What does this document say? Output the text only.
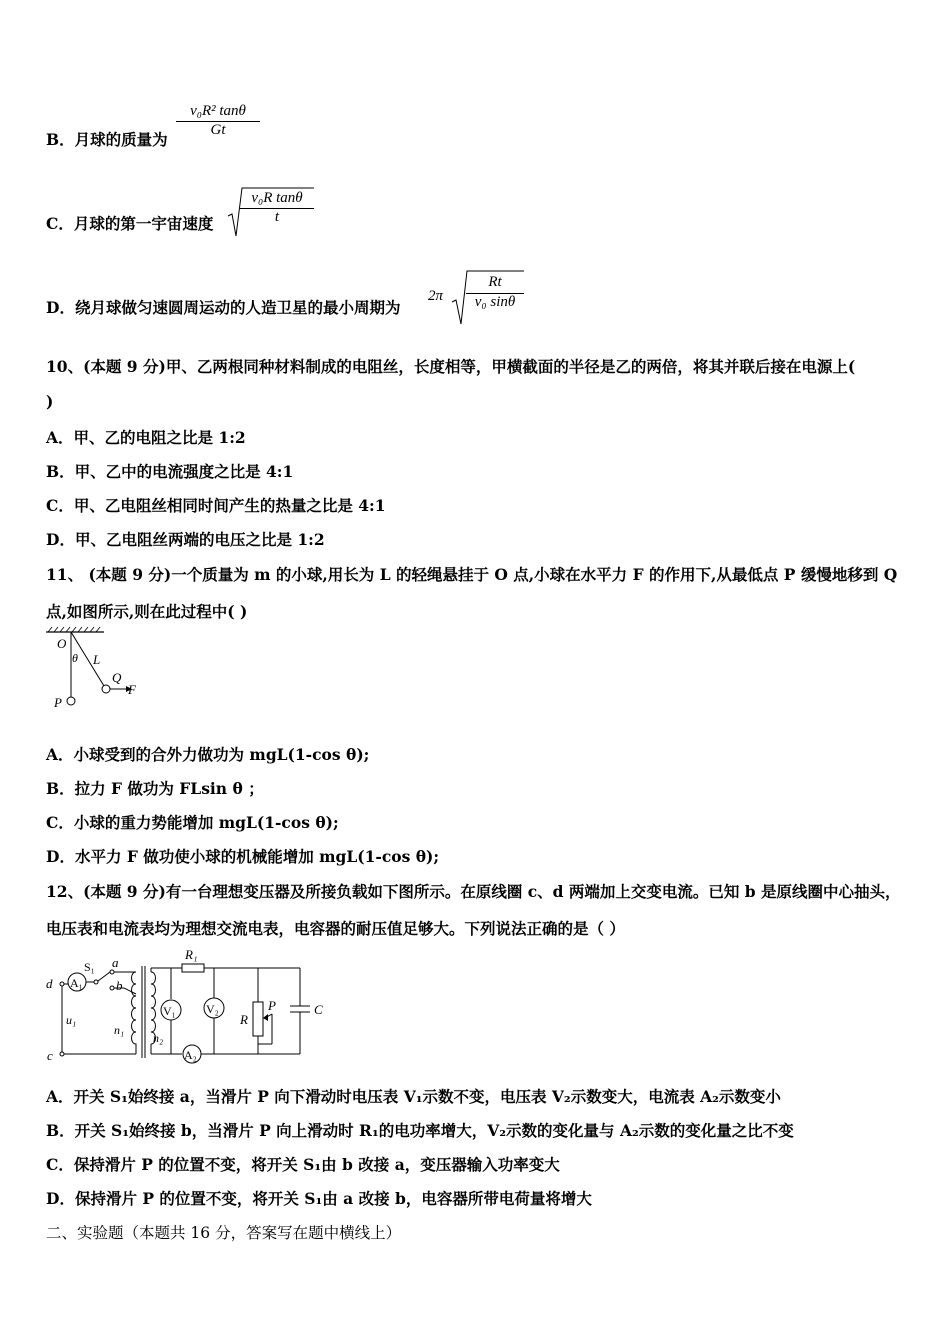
B．月球的质量为
v₀R² tanθ
Gt
C．月球的第一宇宙速度
v₀R tanθ
t
D．绕月球做匀速圆周运动的人造卫星的最小周期为
2π
Rt
v₀ sinθ
10、(本题 9 分)甲、乙两根同种材料制成的电阻丝，长度相等，甲横截面的半径是乙的两倍，将其并联后接在电源上(
)
A．甲、乙的电阻之比是 1:2
B．甲、乙中的电流强度之比是 4:1
C．甲、乙电阻丝相同时间产生的热量之比是 4:1
D．甲、乙电阻丝两端的电压之比是 1:2
11、 (本题 9 分)一个质量为 m 的小球,用长为 L 的轻绳悬挂于 O 点,小球在水平力 F 的作用下,从最低点 P 缓慢地移到 Q
点,如图所示,则在此过程中( )
O
θ L
Q
F
P
A．小球受到的合外力做功为 mgL(1-cos θ);
B．拉力 F 做功为 FLsin θ ；
C．小球的重力势能增加 mgL(1-cos θ);
D．水平力 F 做功使小球的机械能增加 mgL(1-cos θ);
12、(本题 9 分)有一台理想变压器及所接负载如下图所示。在原线圈 c、d 两端加上交变电流。已知 b 是原线圈中心抽头，
电压表和电流表均为理想交流电表，电容器的耐压值足够大。下列说法正确的是（ ）
d
c
A₁
S₁ a
b
u₁
n₁
n₂
R₁
V₁	V₂
R
P	C
A₂
A．开关 S₁始终接 a，当滑片 P 向下滑动时电压表 V₁示数不变，电压表 V₂示数变大，电流表 A₂示数变小
B．开关 S₁始终接 b，当滑片 P 向上滑动时 R₁的电功率增大，V₂示数的变化量与 A₂示数的变化量之比不变
C．保持滑片 P 的位置不变，将开关 S₁由 b 改接 a，变压器输入功率变大
D．保持滑片 P 的位置不变，将开关 S₁由 a 改接 b，电容器所带电荷量将增大
二、实验题（本题共 16 分，答案写在题中横线上）
